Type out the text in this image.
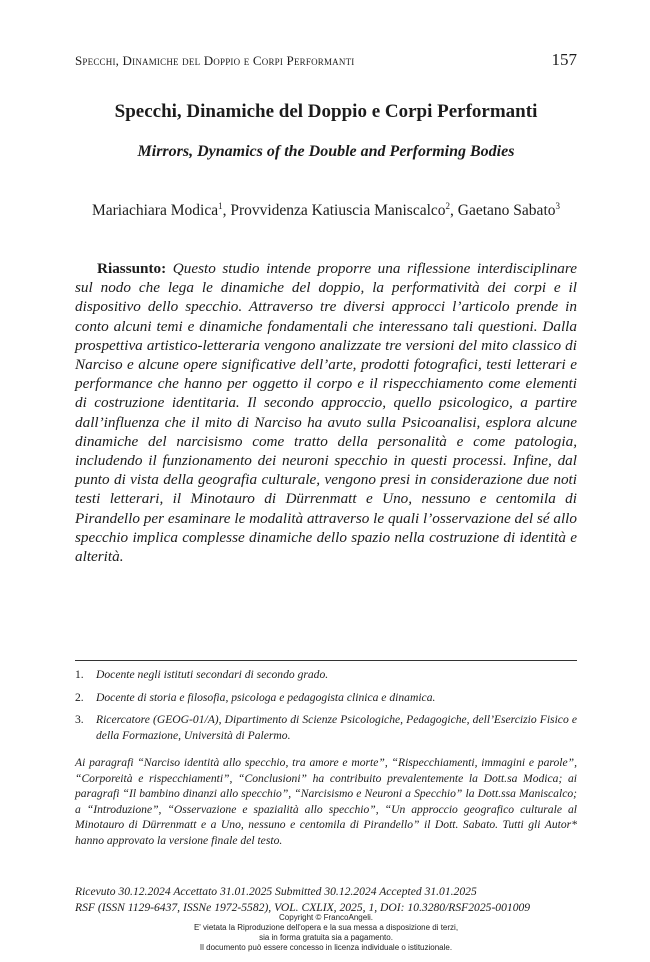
Specchi, Dinamiche del Doppio e Corpi Performanti	157
Specchi, Dinamiche del Doppio e Corpi Performanti
Mirrors, Dynamics of the Double and Performing Bodies
Mariachiara Modica$^1$, Provvidenza Katiuscia Maniscalco$^2$, Gaetano Sabato$^3$

Riassunto: Questo studio intende proporre una riflessione interdisciplinare sul nodo che lega le dinamiche del doppio, la performatività dei corpi e il dispositivo dello specchio. Attraverso tre diversi approcci l’articolo prende in conto alcuni temi e dinamiche fondamentali che interessano tali questioni. Dalla prospettiva artistico-letteraria vengono analizzate tre versioni del mito classico di Narciso e alcune opere significative dell’arte, prodotti fotografici, testi letterari e performance che hanno per oggetto il corpo e il rispecchiamento come elementi di costruzione identitaria. Il secondo approccio, quello psicologico, a partire dall’influenza che il mito di Narciso ha avuto sulla Psicoanalisi, esplora alcune dinamiche del narcisismo come tratto della personalità e come patologia, includendo il funzionamento dei neuroni specchio in questi processi. Infine, dal punto di vista della geografia culturale, vengono presi in considerazione due noti testi letterari, il Minotauro di Dürrenmatt e Uno, nessuno e centomila di Pirandello per esaminare le modalità attraverso le quali l’osservazione del sé allo specchio implica complesse dinamiche dello spazio nella costruzione di identità e alterità.

1.	Docente negli istituti secondari di secondo grado.
2.	Docente di storia e filosofia, psicologa e pedagogista clinica e dinamica.
3.	Ricercatore (GEOG-01/A), Dipartimento di Scienze Psicologiche, Pedagogiche, dell’Esercizio Fisico e della Formazione, Università di Palermo.
Ai paragrafi “Narciso identità allo specchio, tra amore e morte”, “Rispecchiamenti, immagini e parole”, “Corporeità e rispecchiamenti”, “Conclusioni” ha contribuito prevalentemente la Dott.sa Modica; ai paragrafi “Il bambino dinanzi allo specchio”, “Narcisismo e Neuroni a Specchio” la Dott.ssa Maniscalco; a “Introduzione”, “Osservazione e spazialità allo specchio”, “Un approccio geografico culturale al Minotauro di Dürrenmatt e a Uno, nessuno e centomila di Pirandello” il Dott. Sabato. Tutti gli Autor* hanno approvato la versione finale del testo.
Ricevuto 30.12.2024 Accettato 31.01.2025 Submitted 30.12.2024 Accepted 31.01.2025
RSF (ISSN 1129-6437, ISSNe 1972-5582), VOL. CXLIX, 2025, 1, DOI: 10.3280/RSF2025-001009
Copyright © FrancoAngeli.
E' vietata la Riproduzione dell'opera e la sua messa a disposizione di terzi,
sia in forma gratuita sia a pagamento.
Il documento può essere concesso in licenza individuale o istituzionale.
